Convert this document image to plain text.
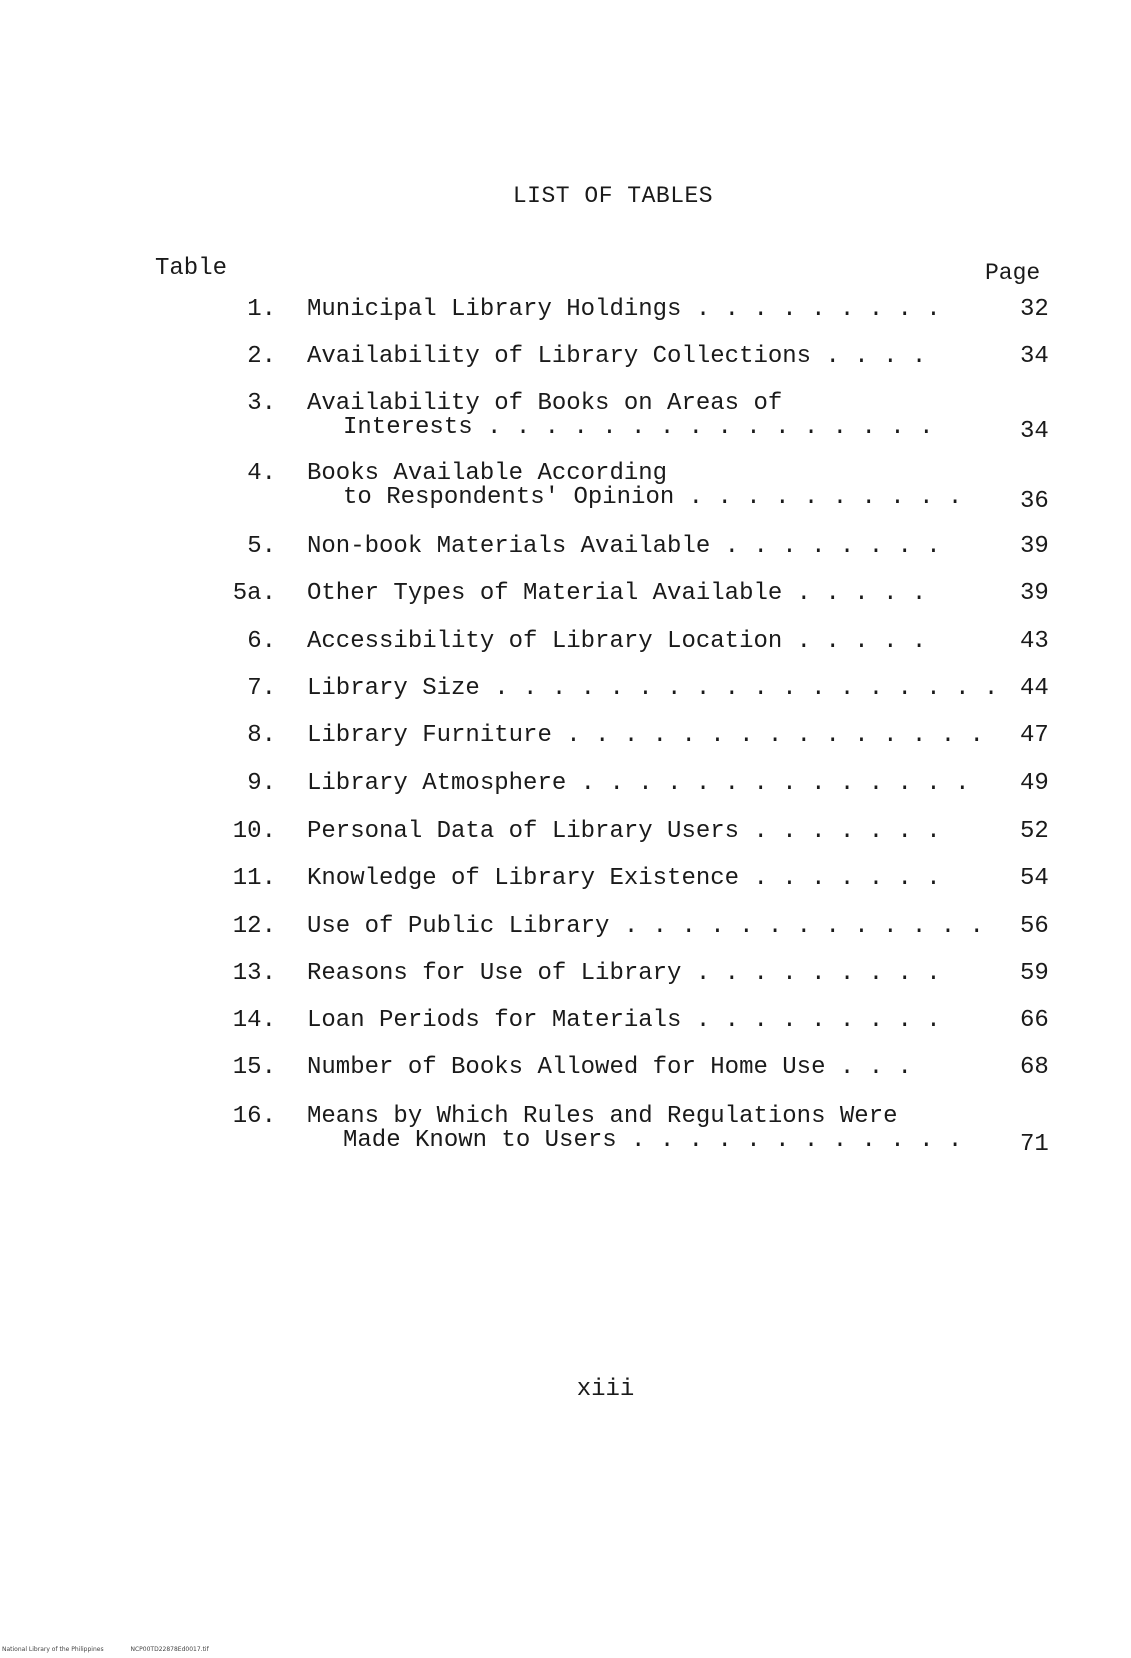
LIST OF TABLES
Table	Page
1. Municipal Library Holdings . . . . . . . . .	32
2. Availability of Library Collections . . . .	34
3. Availability of Books on Areas of
Interests . . . . . . . . . . . . . . . .	34
4. Books Available According
to Respondents' Opinion . . . . . . . . . . 36
5. Non-book Materials Available . . . . . . . .	39
5a. Other Types of Material Available . . . . .	39
6. Accessibility of Library Location . . . . .	43
7. Library Size . . . . . . . . . . . . . . . . . . 44
8. Library Furniture . . . . . . . . . . . . . . . 47
9. Library Atmosphere . . . . . . . . . . . . . . 49
10. Personal Data of Library Users . . . . . . .	52
11. Knowledge of Library Existence . . . . . . .	54
12. Use of Public Library . . . . . . . . . . . . . 56
13. Reasons for Use of Library . . . . . . . . .	59
14. Loan Periods for Materials . . . . . . . . .	66
15. Number of Books Allowed for Home Use . . .	68
16. Means by Which Rules and Regulations Were
Made Known to Users . . . . . . . . . . . . 71
xiii
National Library of the Philippines	NCP00TD22878Ed0017.tif
